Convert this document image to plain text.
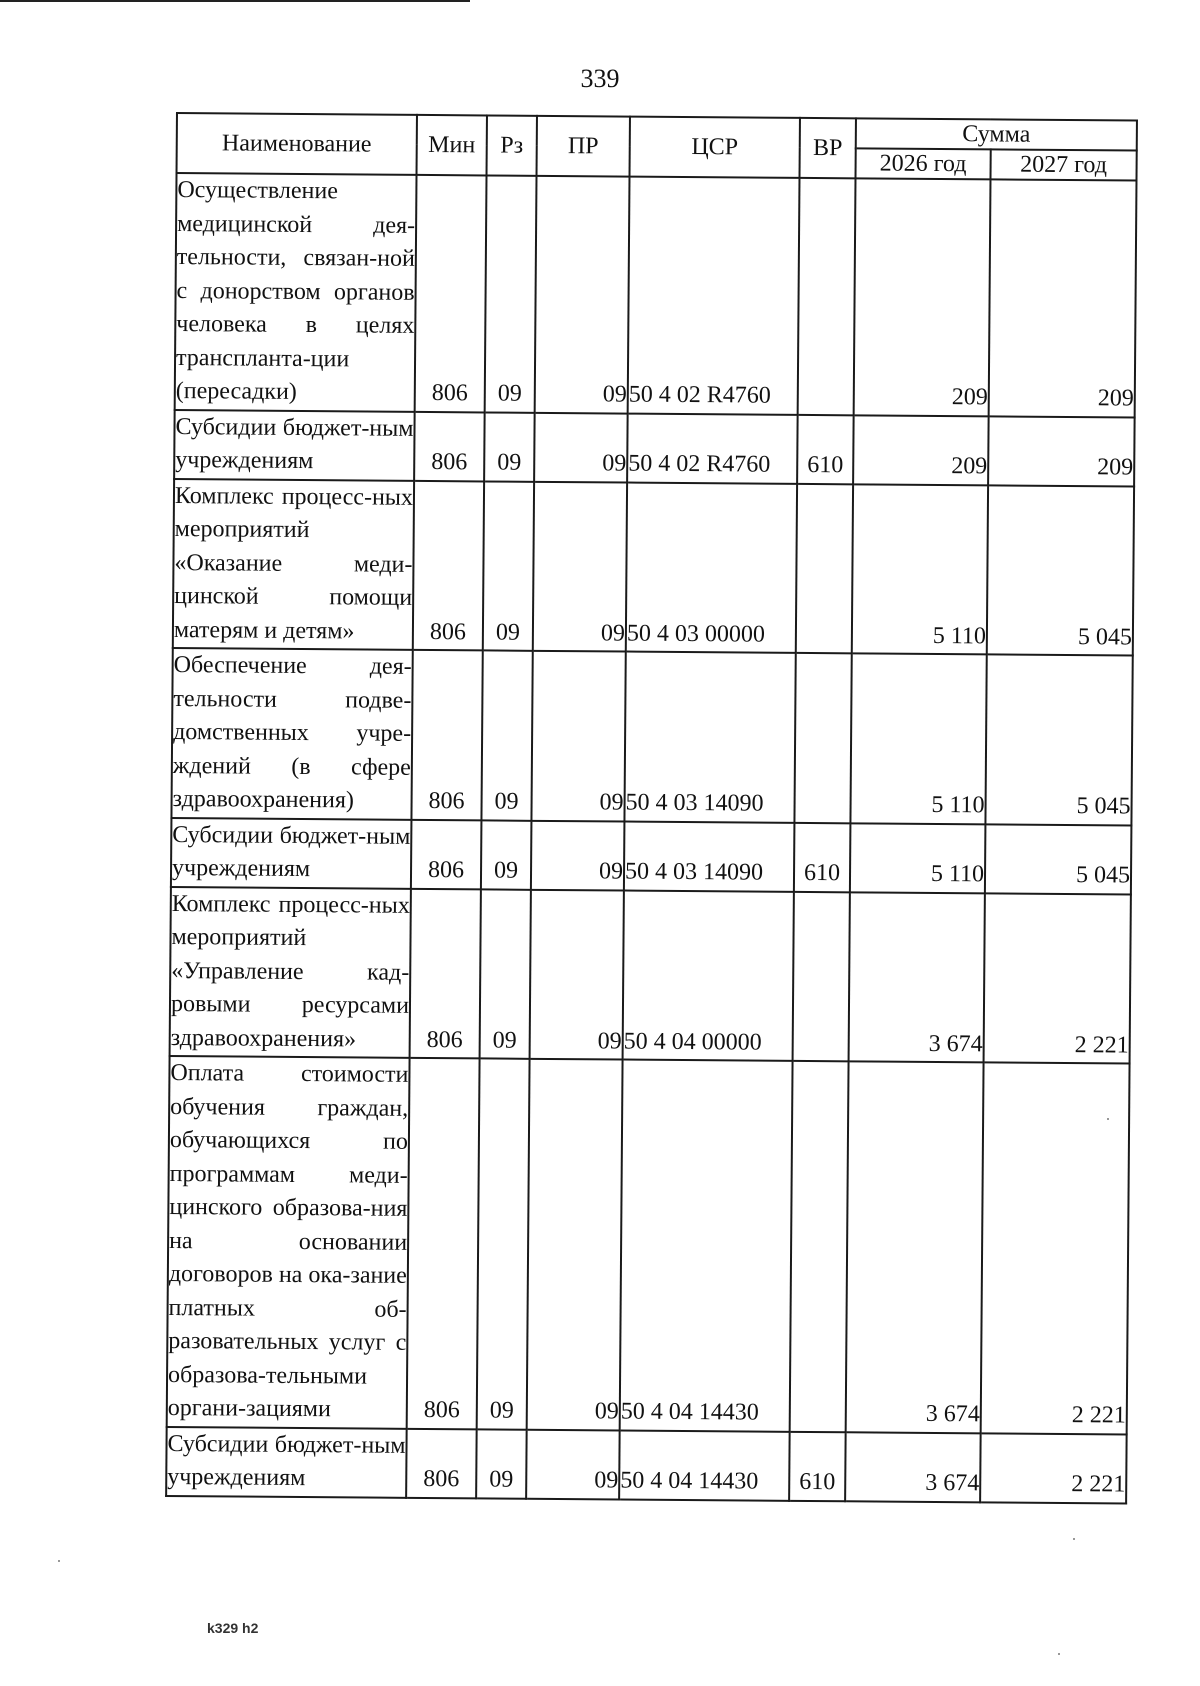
339
Наименование	Мин	Рз	ПР	ЦСР	ВР	Сумма	
						2026 год	2027 год
Осуществление медицинской дея-тельности, связан-ной с донорством органов человека в целях транспланта-ции (пересадки)	806	09	09	50 4 02 R4760		209	209
Субсидии бюджет-ным учреждениям	806	09	09	50 4 02 R4760	610	209	209
Комплекс процесс-ных мероприятий «Оказание меди-цинской помощи матерям и детям»	806	09	09	50 4 03 00000		5 110	5 045
Обеспечение дея-тельности подве-домственных учре-ждений (в сфере здравоохранения)	806	09	09	50 4 03 14090		5 110	5 045
Субсидии бюджет-ным учреждениям	806	09	09	50 4 03 14090	610	5 110	5 045
Комплекс процесс-ных мероприятий «Управление кад-ровыми ресурсами здравоохранения»	806	09	09	50 4 04 00000		3 674	2 221
Оплата стоимости обучения граждан, обучающихся по программам меди-цинского образова-ния на основании договоров на ока-зание платных об-разовательных услуг с образова-тельными органи-зациями	806	09	09	50 4 04 14430		3 674	2 221
Субсидии бюджет-ным учреждениям	806	09	09	50 4 04 14430	610	3 674	2 221
k329 h2
